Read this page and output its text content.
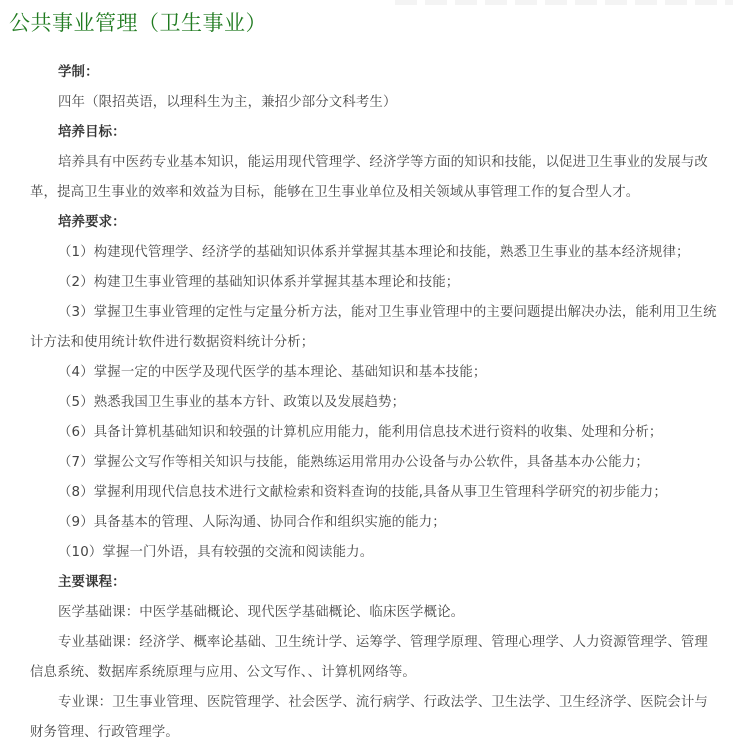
公共事业管理（卫生事业）

学制：

四年（限招英语，以理科生为主，兼招少部分文科考生）

培养目标：

培养具有中医药专业基本知识，能运用现代管理学、经济学等方面的知识和技能，以促进卫生事业的发展与改革，提高卫生事业的效率和效益为目标，能够在卫生事业单位及相关领域从事管理工作的复合型人才。

培养要求：

（1）构建现代管理学、经济学的基础知识体系并掌握其基本理论和技能，熟悉卫生事业的基本经济规律；

（2）构建卫生事业管理的基础知识体系并掌握其基本理论和技能；

（3）掌握卫生事业管理的定性与定量分析方法，能对卫生事业管理中的主要问题提出解决办法，能利用卫生统计方法和使用统计软件进行数据资料统计分析；

（4）掌握一定的中医学及现代医学的基本理论、基础知识和基本技能；

（5）熟悉我国卫生事业的基本方针、政策以及发展趋势；

（6）具备计算机基础知识和较强的计算机应用能力，能利用信息技术进行资料的收集、处理和分析；

（7）掌握公文写作等相关知识与技能，能熟练运用常用办公设备与办公软件，具备基本办公能力；

（8）掌握利用现代信息技术进行文献检索和资料查询的技能,具备从事卫生管理科学研究的初步能力；

（9）具备基本的管理、人际沟通、协同合作和组织实施的能力；

（10）掌握一门外语，具有较强的交流和阅读能力。

主要课程：

医学基础课：中医学基础概论、现代医学基础概论、临床医学概论。

专业基础课：经济学、概率论基础、卫生统计学、运筹学、管理学原理、管理心理学、人力资源管理学、管理信息系统、数据库系统原理与应用、公文写作、、计算机网络等。

专业课：卫生事业管理、医院管理学、社会医学、流行病学、行政法学、卫生法学、卫生经济学、医院会计与财务管理、行政管理学。
